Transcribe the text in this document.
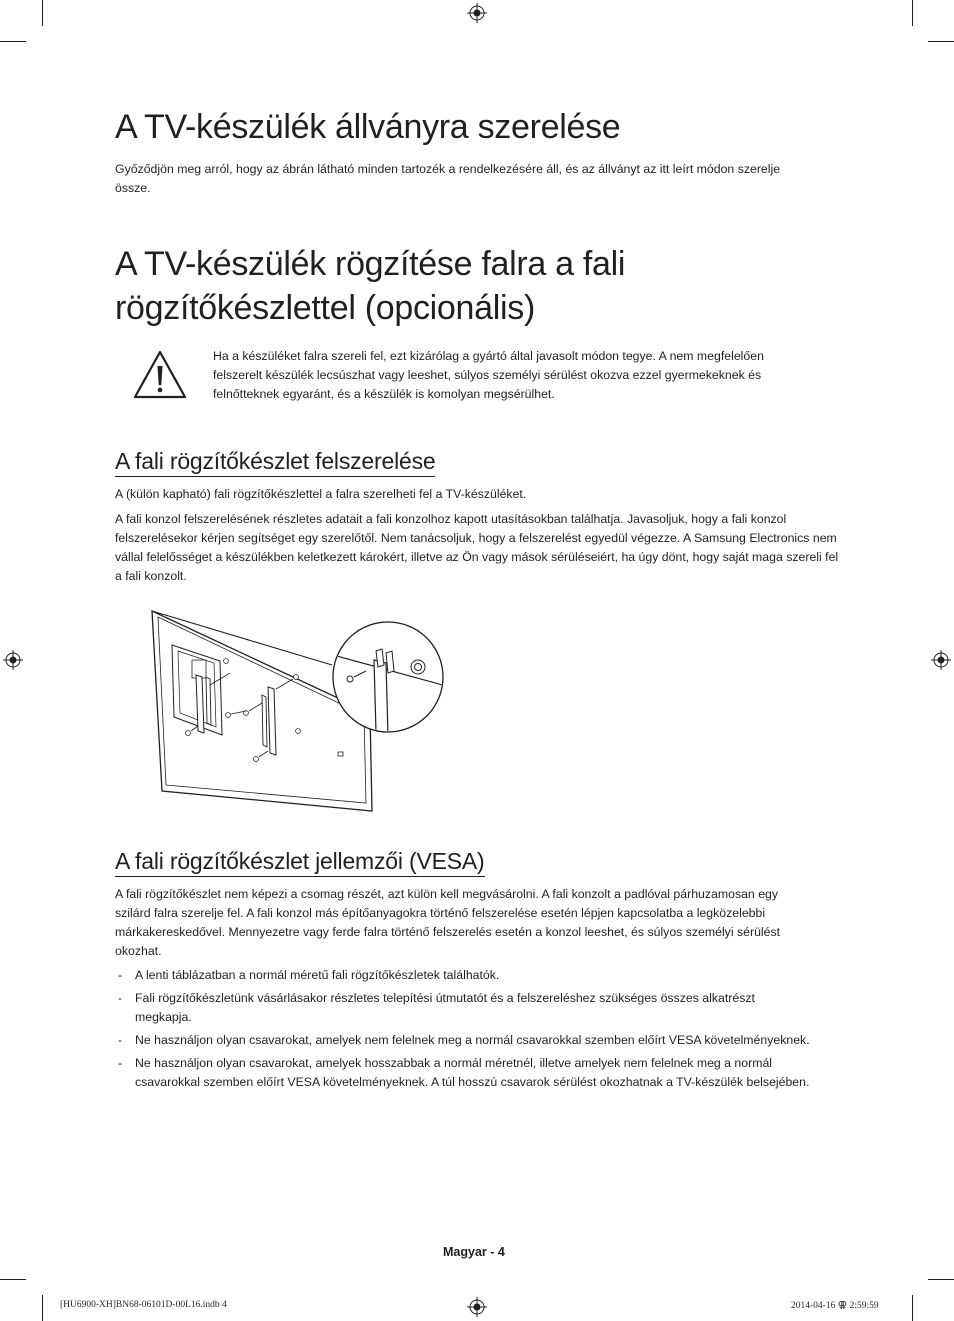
A TV-készülék állványra szerelése

Győződjön meg arról, hogy az ábrán látható minden tartozék a rendelkezésére áll, és az állványt az itt leírt módon szerelje össze.

A TV-készülék rögzítése falra a fali rögzítőkészlettel (opcionális)

Ha a készüléket falra szereli fel, ezt kizárólag a gyártó által javasolt módon tegye. A nem megfelelően felszerelt készülék lecsúszhat vagy leeshet, súlyos személyi sérülést okozva ezzel gyermekeknek és felnőtteknek egyaránt, és a készülék is komolyan megsérülhet.

A fali rögzítőkészlet felszerelése

A (külön kapható) fali rögzítőkészlettel a falra szerelheti fel a TV-készüléket.

A fali konzol felszerelésének részletes adatait a fali konzolhoz kapott utasításokban találhatja. Javasoljuk, hogy a fali konzol felszerelésekor kérjen segítséget egy szerelőtől. Nem tanácsoljuk, hogy a felszerelést egyedül végezze. A Samsung Electronics nem vállal felelősséget a készülékben keletkezett károkért, illetve az Ön vagy mások sérüléseiért, ha úgy dönt, hogy saját maga szereli fel a fali konzolt.

A fali rögzítőkészlet jellemzői (VESA)

A fali rögzítőkészlet nem képezi a csomag részét, azt külön kell megvásárolni. A fali konzolt a padlóval párhuzamosan egy szilárd falra szerelje fel. A fali konzol más építőanyagokra történő felszerelése esetén lépjen kapcsolatba a legközelebbi márkakereskedővel. Mennyezetre vagy ferde falra történő felszerelés esetén a konzol leeshet, és súlyos személyi sérülést okozhat.

- A lenti táblázatban a normál méretű fali rögzítőkészletek találhatók.
- Fali rögzítőkészletünk vásárlásakor részletes telepítési útmutatót és a felszereléshez szükséges összes alkatrészt megkapja.
- Ne használjon olyan csavarokat, amelyek nem felelnek meg a normál csavarokkal szemben előírt VESA követelményeknek.
- Ne használjon olyan csavarokat, amelyek hosszabbak a normál méretnél, illetve amelyek nem felelnek meg a normál csavarokkal szemben előírt VESA követelményeknek. A túl hosszú csavarok sérülést okozhatnak a TV-készülék belsejében.
Magyar - 4
[HU6900-XH]BN68-06101D-00L16.indb 4	2014-04-16 ⚢ 2:59:59
